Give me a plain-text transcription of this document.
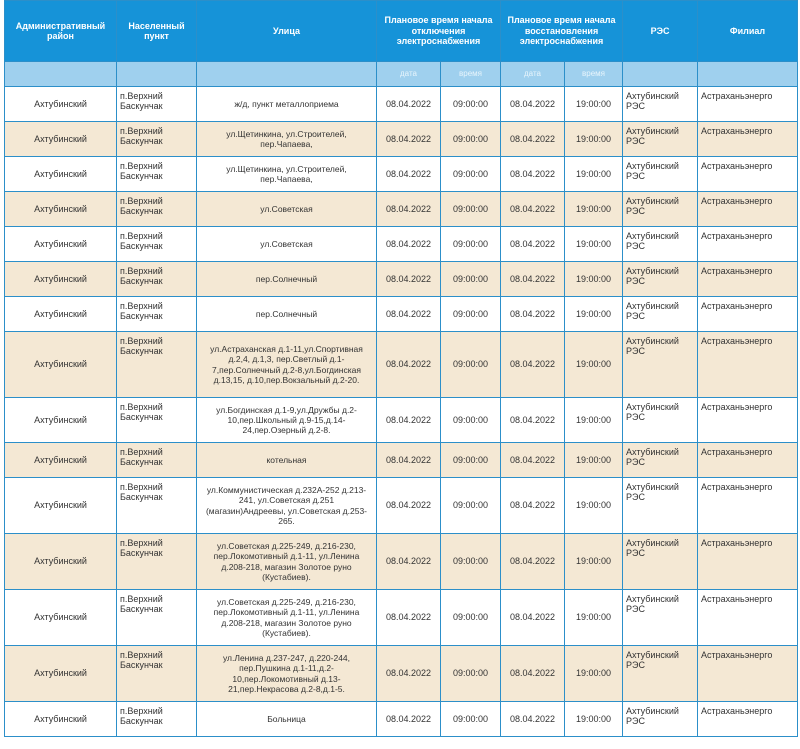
Административный район	Населенный пункт	Улица	Плановое время начала отключения электроснабжения		Плановое время начала восстановления электроснабжения		РЭС	Филиал
			дата	время	дата	время		
Ахтубинский	п.Верхний Баскунчак	ж/д, пункт металлоприема	08.04.2022	09:00:00	08.04.2022	19:00:00	Ахтубинский РЭС	Астраханьэнерго
Ахтубинский	п.Верхний Баскунчак	ул.Щетинкина, ул.Строителей, пер.Чапаева,	08.04.2022	09:00:00	08.04.2022	19:00:00	Ахтубинский РЭС	Астраханьэнерго
Ахтубинский	п.Верхний Баскунчак	ул.Щетинкина, ул.Строителей, пер.Чапаева,	08.04.2022	09:00:00	08.04.2022	19:00:00	Ахтубинский РЭС	Астраханьэнерго
Ахтубинский	п.Верхний Баскунчак	ул.Советская	08.04.2022	09:00:00	08.04.2022	19:00:00	Ахтубинский РЭС	Астраханьэнерго
Ахтубинский	п.Верхний Баскунчак	ул.Советская	08.04.2022	09:00:00	08.04.2022	19:00:00	Ахтубинский РЭС	Астраханьэнерго
Ахтубинский	п.Верхний Баскунчак	пер.Солнечный	08.04.2022	09:00:00	08.04.2022	19:00:00	Ахтубинский РЭС	Астраханьэнерго
Ахтубинский	п.Верхний Баскунчак	пер.Солнечный	08.04.2022	09:00:00	08.04.2022	19:00:00	Ахтубинский РЭС	Астраханьэнерго
Ахтубинский	п.Верхний Баскунчак	ул.Астраханская д.1-11,ул.Спортивная д.2,4, д.1,3, пер.Светлый д.1-7,пер.Солнечный д.2-8,ул.Богдинская д.13,15, д.10,пер.Вокзальный д.2-20.	08.04.2022	09:00:00	08.04.2022	19:00:00	Ахтубинский РЭС	Астраханьэнерго
Ахтубинский	п.Верхний Баскунчак	ул.Богдинская д.1-9,ул.Дружбы д.2-10,пер.Школьный д.9-15,д.14-24,пер.Озерный д.2-8.	08.04.2022	09:00:00	08.04.2022	19:00:00	Ахтубинский РЭС	Астраханьэнерго
Ахтубинский	п.Верхний Баскунчак	котельная	08.04.2022	09:00:00	08.04.2022	19:00:00	Ахтубинский РЭС	Астраханьэнерго
Ахтубинский	п.Верхний Баскунчак	ул.Коммунистическая д.232А-252 д.213-241, ул.Советская д.251 (магазин)Андреевы, ул.Советская д.253-265.	08.04.2022	09:00:00	08.04.2022	19:00:00	Ахтубинский РЭС	Астраханьэнерго
Ахтубинский	п.Верхний Баскунчак	ул.Советская д.225-249, д.216-230, пер.Локомотивный д.1-11, ул.Ленина д.208-218, магазин Золотое руно (Кустабиев).	08.04.2022	09:00:00	08.04.2022	19:00:00	Ахтубинский РЭС	Астраханьэнерго
Ахтубинский	п.Верхний Баскунчак	ул.Советская д.225-249, д.216-230, пер.Локомотивный д.1-11, ул.Ленина д.208-218, магазин Золотое руно (Кустабиев).	08.04.2022	09:00:00	08.04.2022	19:00:00	Ахтубинский РЭС	Астраханьэнерго
Ахтубинский	п.Верхний Баскунчак	ул.Ленина д.237-247, д.220-244, пер.Пушкина д.1-11,д.2-10,пер.Локомотивный д.13-21,пер.Некрасова д.2-8,д.1-5.	08.04.2022	09:00:00	08.04.2022	19:00:00	Ахтубинский РЭС	Астраханьэнерго
Ахтубинский	п.Верхний Баскунчак	Больница	08.04.2022	09:00:00	08.04.2022	19:00:00	Ахтубинский РЭС	Астраханьэнерго
